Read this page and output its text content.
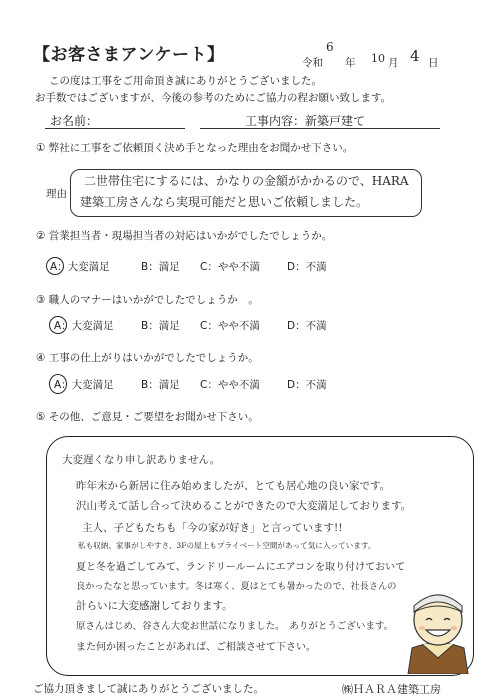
【お客さまアンケート】	令和
6
年 10 月 4 日
この度は工事をご用命頂き誠にありがとうございました。
お手数ではございますが、今後の参考のためにご協力の程お願い致します。
お名前：	工事内容：新築戸建て
① 弊社に工事をご依頼頂く決め手となった理由をお聞かせ下さい。
理由
二世帯住宅にするには、かなりの金額がかかるので、HARA
建築工房さんなら実現可能だと思いご依頼しました。
② 営業担当者・現場担当者の対応はいかがでしたでしょうか。
A：大変満足	B：満足 C：やや不満	D：不満
③ 職人のマナーはいかがでしたでしょうか　。
A：大変満足	B：満足 C：やや不満	D：不満
④ 工事の仕上がりはいかがでしたでしょうか。
A：大変満足	B：満足 C：やや不満	D：不満
⑤ その他、ご意見・ご要望をお聞かせ下さい。
大変遅くなり申し訳ありません。
昨年末から新居に住み始めましたが、とても居心地の良い家です。
沢山考えて話し合って決めることができたので大変満足しております。
主人、子どもたちも「今の家が好き」と言っています!!
私も収納、家事がしやすさ、3Fの屋上もプライベート空間があって気に入っています。
夏と冬を過ごしてみて、ランドリールームにエアコンを取り付けておいて
良かったなと思っています。冬は寒く、夏はとても暑かったので、社長さんの
計らいに大変感謝しております。
原さんはじめ、谷さん大変お世話になりました。　ありがとうございます。
また何か困ったことがあれば、ご相談させて下さい。
ご協力頂きまして誠にありがとうございました。	㈱ＨＡＲＡ建築工房
